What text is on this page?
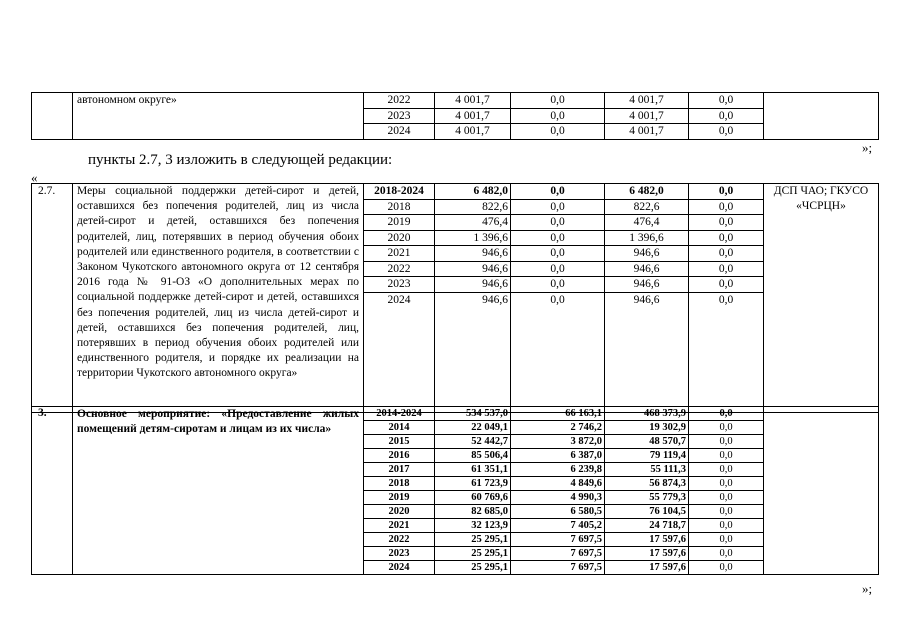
	автономном округе»	2022	4 001,7	0,0	4 001,7	0,0	
		2023	4 001,7	0,0	4 001,7	0,0	
		2024	4 001,7	0,0	4 001,7	0,0	
»;
пункты 2.7, 3 изложить в следующей редакции:
«
2.7.	Меры социальной поддержки детей-сирот и детей, оставшихся без попечения родителей, лиц из числа детей-сирот и детей, оставшихся без попечения родителей, лиц, потерявших в период обучения обоих родителей или единственного родителя, в соответствии с Законом Чукотского автономного округа от 12 сентября 2016 года № 91-ОЗ «О дополнительных мерах по социальной поддержке детей-сирот и детей, оставшихся без попечения родителей, лиц из числа детей-сирот и детей, оставшихся без попечения родителей, лиц, потерявших в период обучения обоих родителей или единственного родителя, и порядке их реализации на территории Чукотского автономного округа»	2018-2024	6 482,0	0,0	6 482,0	0,0	ДСП ЧАО; ГКУСО «ЧСРЦН»
		2018	822,6	0,0	822,6	0,0	
		2019	476,4	0,0	476,4	0,0	
		2020	1 396,6	0,0	1 396,6	0,0	
		2021	946,6	0,0	946,6	0,0	
		2022	946,6	0,0	946,6	0,0	
		2023	946,6	0,0	946,6	0,0	
		2024	946,6	0,0	946,6	0,0	
3.	Основное мероприятие: «Предоставление жилых помещений детям-сиротам и лицам из их числа»	2014-2024	534 537,0	66 163,1	468 373,9	0,0	
		2014	22 049,1	2 746,2	19 302,9	0,0	
		2015	52 442,7	3 872,0	48 570,7	0,0	
		2016	85 506,4	6 387,0	79 119,4	0,0	
		2017	61 351,1	6 239,8	55 111,3	0,0	
		2018	61 723,9	4 849,6	56 874,3	0,0	
		2019	60 769,6	4 990,3	55 779,3	0,0	
		2020	82 685,0	6 580,5	76 104,5	0,0	
		2021	32 123,9	7 405,2	24 718,7	0,0	
		2022	25 295,1	7 697,5	17 597,6	0,0	
		2023	25 295,1	7 697,5	17 597,6	0,0	
		2024	25 295,1	7 697,5	17 597,6	0,0	
»;
